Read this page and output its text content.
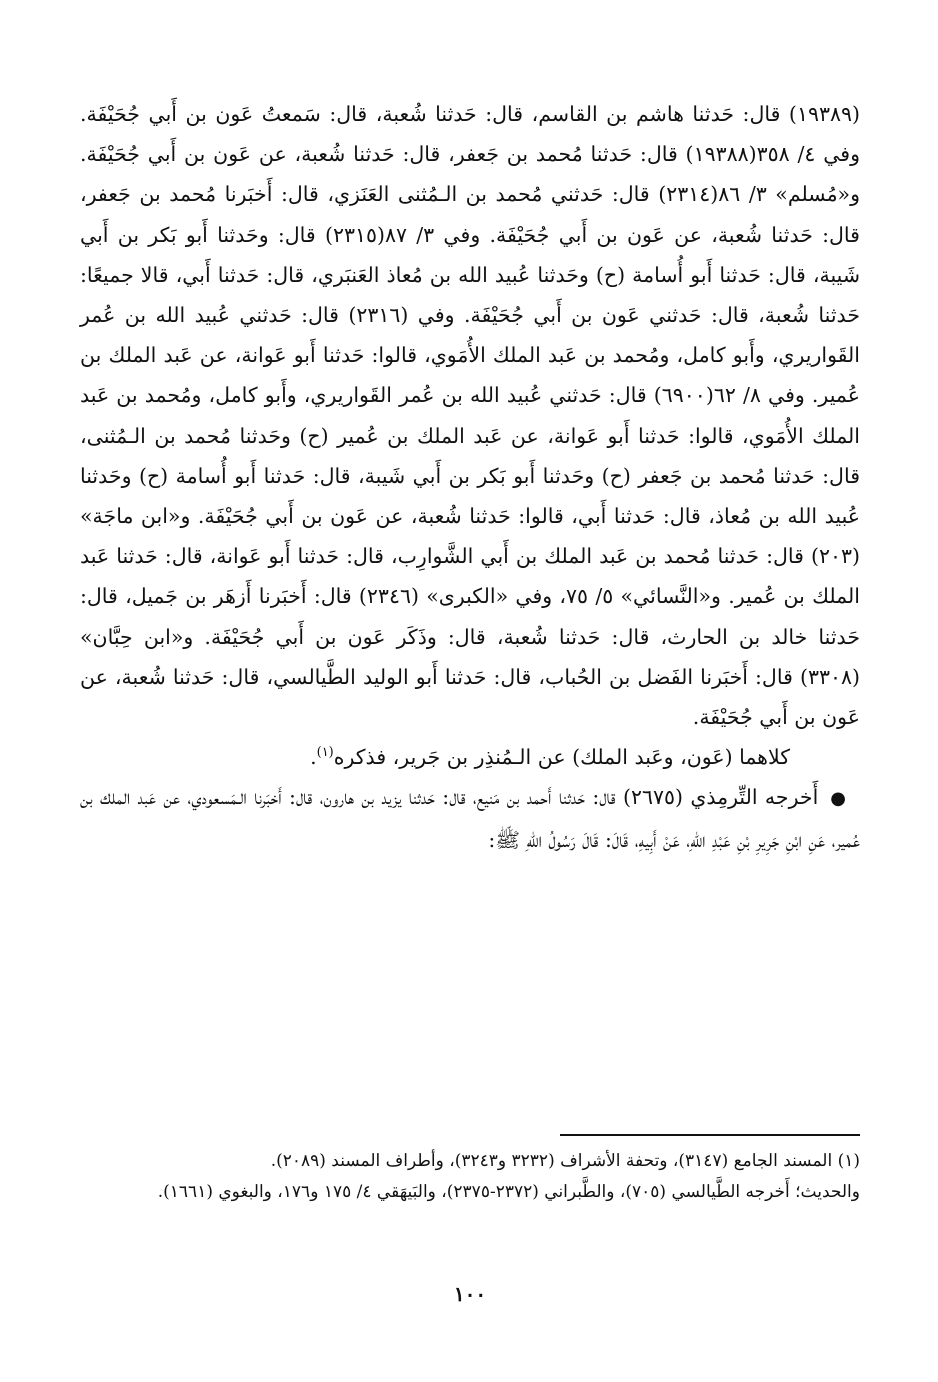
(١٩٣٨٩) قال: حَدثنا هاشم بن القاسم، قال: حَدثنا شُعبة، قال: سَمعتُ عَون بن أَبي جُحَيْفَة. وفي ٤/ ٣٥٨(١٩٣٨٨) قال: حَدثنا مُحمد بن جَعفر، قال: حَدثنا شُعبة، عن عَون بن أَبي جُحَيْفَة. و«مُسلم» ٣/ ٨٦(٢٣١٤) قال: حَدثني مُحمد بن الـمُثنى العَنَزي، قال: أَخبَرنا مُحمد بن جَعفر، قال: حَدثنا شُعبة، عن عَون بن أَبي جُحَيْفَة. وفي ٣/ ٨٧(٢٣١٥) قال: وحَدثنا أَبو بَكر بن أَبي شَيبة، قال: حَدثنا أَبو أُسامة (ح) وحَدثنا عُبيد الله بن مُعاذ العَنبَري، قال: حَدثنا أَبي، قالا جميعًا: حَدثنا شُعبة، قال: حَدثني عَون بن أَبي جُحَيْفَة. وفي (٢٣١٦) قال: حَدثني عُبيد الله بن عُمر القَواريري، وأَبو كامل، ومُحمد بن عَبد الملك الأُمَوي، قالوا: حَدثنا أَبو عَوانة، عن عَبد الملك بن عُمير. وفي ٨/ ٦٢(٦٩٠٠) قال: حَدثني عُبيد الله بن عُمر القَواريري، وأَبو كامل، ومُحمد بن عَبد الملك الأُمَوي، قالوا: حَدثنا أَبو عَوانة، عن عَبد الملك بن عُمير (ح) وحَدثنا مُحمد بن الـمُثنى، قال: حَدثنا مُحمد بن جَعفر (ح) وحَدثنا أَبو بَكر بن أَبي شَيبة، قال: حَدثنا أَبو أُسامة (ح) وحَدثنا عُبيد الله بن مُعاذ، قال: حَدثنا أَبي، قالوا: حَدثنا شُعبة، عن عَون بن أَبي جُحَيْفَة. و«ابن ماجَة» (٢٠٣) قال: حَدثنا مُحمد بن عَبد الملك بن أَبي الشَّوارِب، قال: حَدثنا أَبو عَوانة، قال: حَدثنا عَبد الملك بن عُمير. و«النَّسائي» ٥/ ٧٥، وفي «الكبرى» (٢٣٤٦) قال: أَخبَرنا أَزهَر بن جَميل، قال: حَدثنا خالد بن الحارث، قال: حَدثنا شُعبة، قال: وذَكَر عَون بن أَبي جُحَيْفَة. و«ابن حِبَّان» (٣٣٠٨) قال: أَخبَرنا الفَضل بن الحُباب، قال: حَدثنا أَبو الوليد الطَّيالسي، قال: حَدثنا شُعبة، عن عَون بن أَبي جُحَيْفَة.

كلاهما (عَون، وعَبد الملك) عن الـمُنذِر بن جَرير، فذكره$^{(١)}$.

●أَخرجه التِّرمِذي (٢٦٧٥) قال: حَدثنا أَحمد بن مَنيع، قال: حَدثنا يزيد بن هارون، قال: أَخبَرنا الـمَسعودي، عن عَبد الملك بن عُمير، عَنِ ابْنِ جَرِيرِ بْنِ عَبْدِ اللهِ، عَنْ أَبِيهِ، قَالَ: قَالَ رَسُولُ اللهِ ﷺ:

(١) المسند الجامع (٣١٤٧)، وتحفة الأشراف (٣٢٣٢ و٣٢٤٣)، وأطراف المسند (٢٠٨٩).

والحديث؛ أَخرجه الطَّيالسي (٧٠٥)، والطَّبراني (٢٣٧٢-٢٣٧٥)، والبَيهَقي ٤/ ١٧٥ و١٧٦، والبغوي (١٦٦١).

١٠٠
